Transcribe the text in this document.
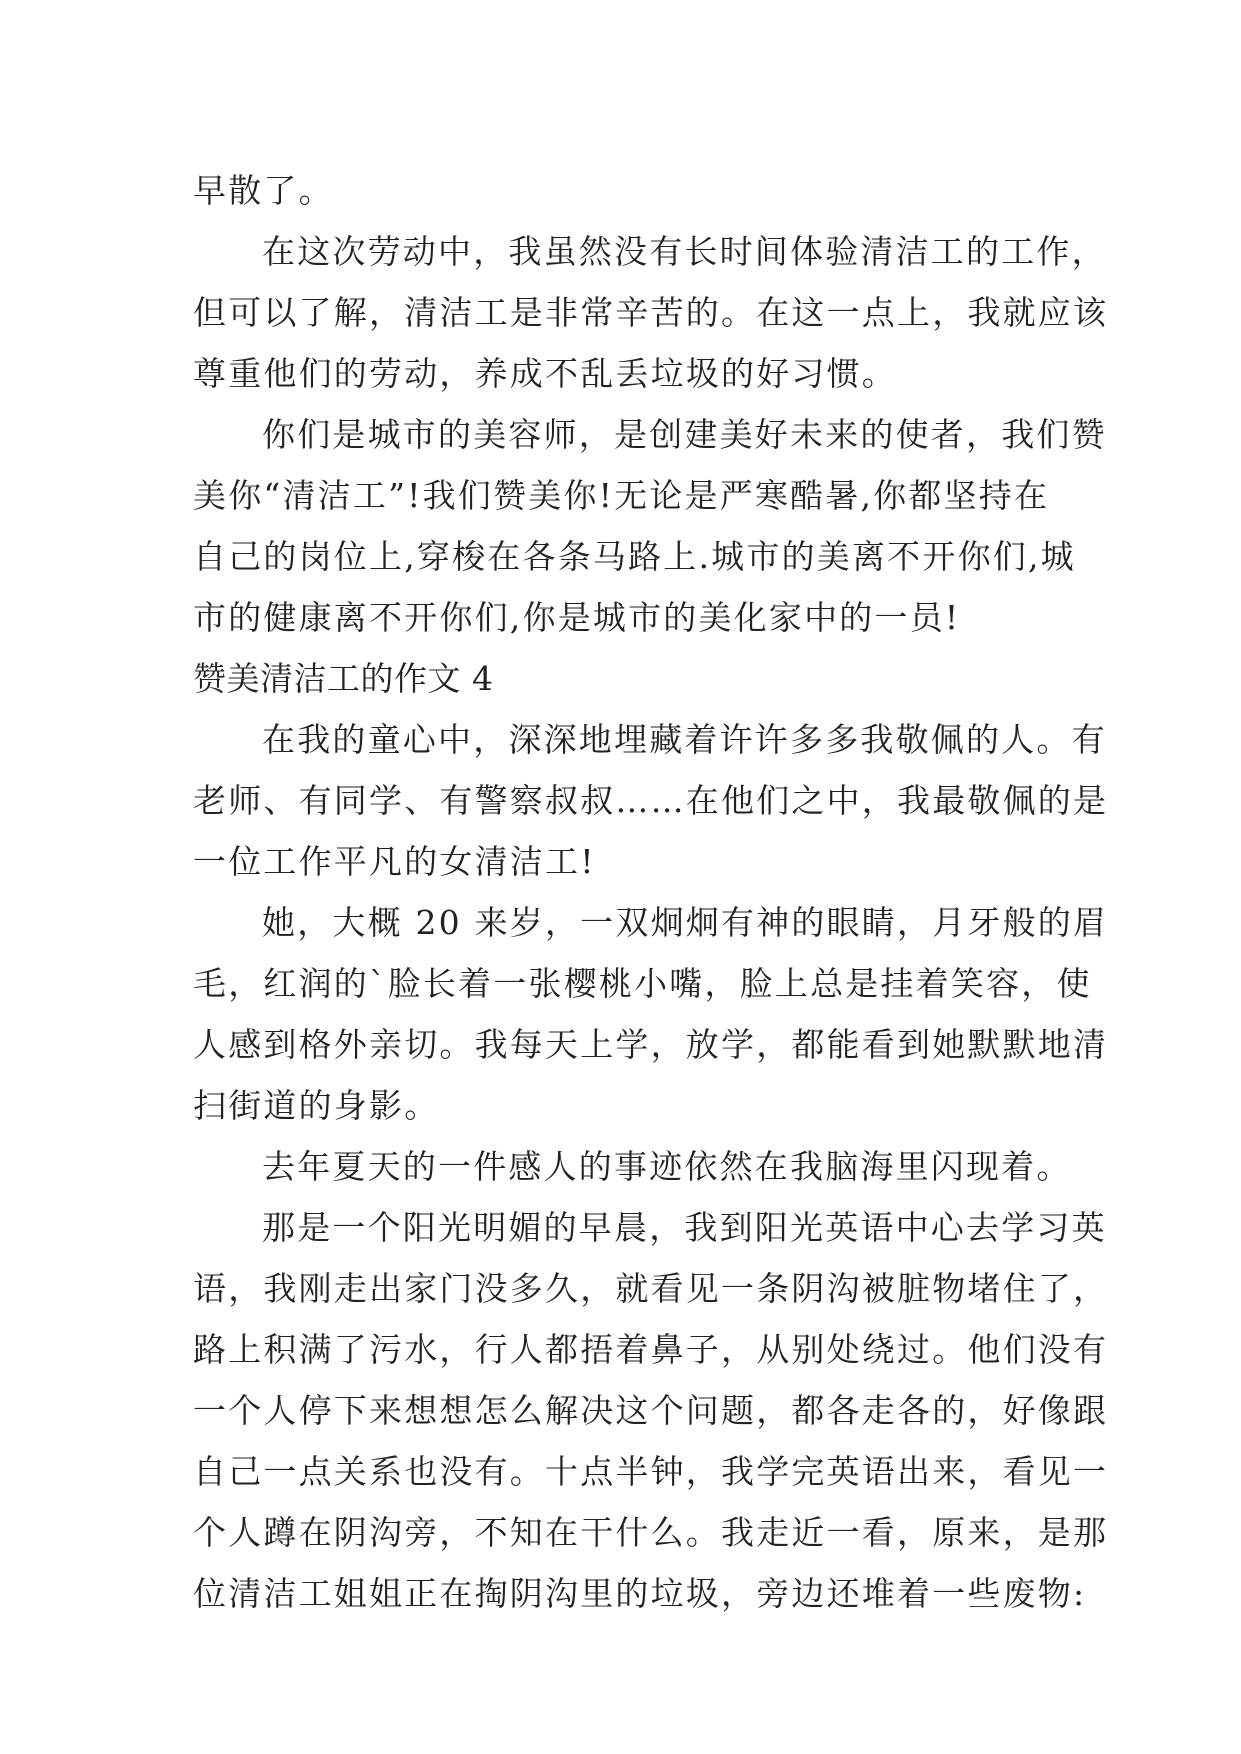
早散了。

在这次劳动中，我虽然没有长时间体验清洁工的工作，

但可以了解，清洁工是非常辛苦的。在这一点上，我就应该

尊重他们的劳动，养成不乱丢垃圾的好习惯。

你们是城市的美容师，是创建美好未来的使者，我们赞

美你“清洁工”!我们赞美你!无论是严寒酷暑,你都坚持在

自己的岗位上,穿梭在各条马路上.城市的美离不开你们,城

市的健康离不开你们,你是城市的美化家中的一员!

赞美清洁工的作文 4

在我的童心中，深深地埋藏着许许多多我敬佩的人。有

老师、有同学、有警察叔叔……在他们之中，我最敬佩的是

一位工作平凡的女清洁工!

她，大概 20 来岁，一双炯炯有神的眼睛，月牙般的眉

毛，红润的`脸长着一张樱桃小嘴，脸上总是挂着笑容，使

人感到格外亲切。我每天上学，放学，都能看到她默默地清

扫街道的身影。

去年夏天的一件感人的事迹依然在我脑海里闪现着。

那是一个阳光明媚的早晨，我到阳光英语中心去学习英

语，我刚走出家门没多久，就看见一条阴沟被脏物堵住了，

路上积满了污水，行人都捂着鼻子，从别处绕过。他们没有

一个人停下来想想怎么解决这个问题，都各走各的，好像跟

自己一点关系也没有。十点半钟，我学完英语出来，看见一

个人蹲在阴沟旁，不知在干什么。我走近一看，原来，是那

位清洁工姐姐正在掏阴沟里的垃圾，旁边还堆着一些废物:
